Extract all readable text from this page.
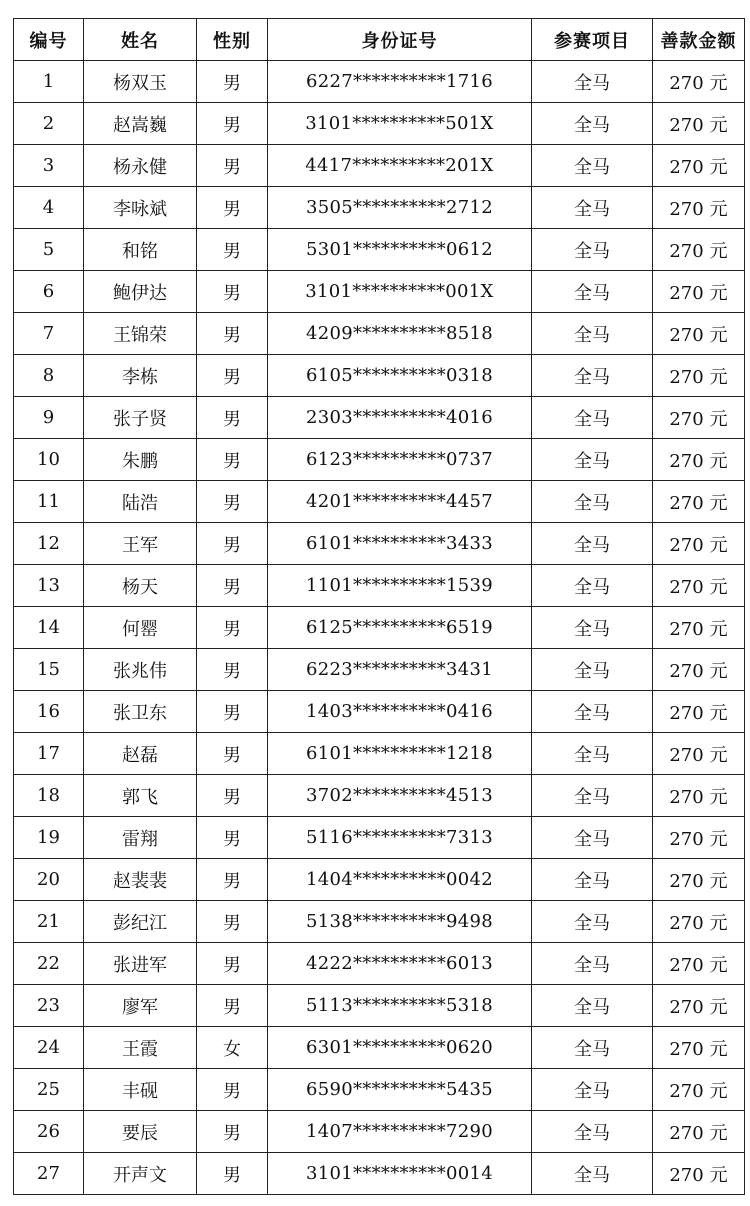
编号	姓名	性别	身份证号	参赛项目	善款金额
1	杨双玉	男	6227**********1716	全马	270 元
2	赵嵩巍	男	3101**********501X	全马	270 元
3	杨永健	男	4417**********201X	全马	270 元
4	李咏斌	男	3505**********2712	全马	270 元
5	和铭	男	5301**********0612	全马	270 元
6	鲍伊达	男	3101**********001X	全马	270 元
7	王锦荣	男	4209**********8518	全马	270 元
8	李栋	男	6105**********0318	全马	270 元
9	张子贤	男	2303**********4016	全马	270 元
10	朱鹏	男	6123**********0737	全马	270 元
11	陆浩	男	4201**********4457	全马	270 元
12	王军	男	6101**********3433	全马	270 元
13	杨天	男	1101**********1539	全马	270 元
14	何罂	男	6125**********6519	全马	270 元
15	张兆伟	男	6223**********3431	全马	270 元
16	张卫东	男	1403**********0416	全马	270 元
17	赵磊	男	6101**********1218	全马	270 元
18	郭飞	男	3702**********4513	全马	270 元
19	雷翔	男	5116**********7313	全马	270 元
20	赵裴裴	男	1404**********0042	全马	270 元
21	彭纪江	男	5138**********9498	全马	270 元
22	张进军	男	4222**********6013	全马	270 元
23	廖军	男	5113**********5318	全马	270 元
24	王霞	女	6301**********0620	全马	270 元
25	丰砚	男	6590**********5435	全马	270 元
26	要辰	男	1407**********7290	全马	270 元
27	开声文	男	3101**********0014	全马	270 元
